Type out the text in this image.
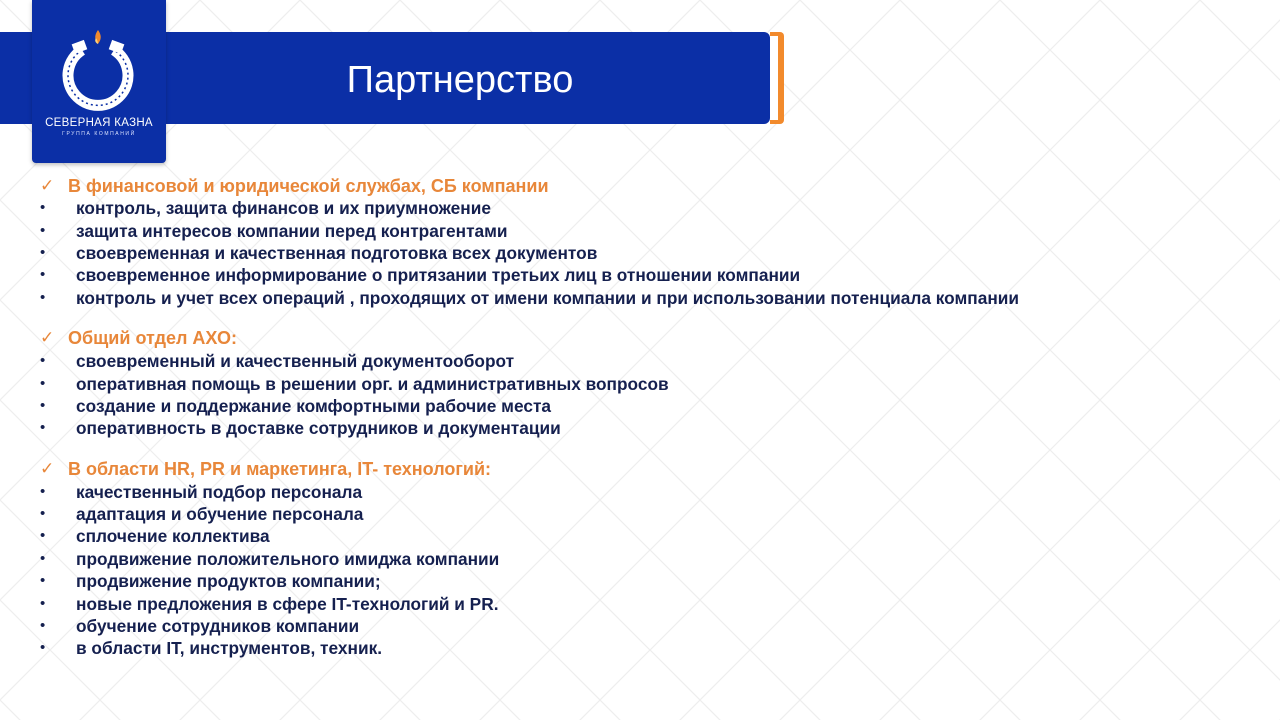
Партнерство
СЕВЕРНАЯ КАЗНА
ГРУППА КОМПАНИЙ
✓ В финансовой и юридической службах, СБ компании
•	контроль, защита финансов и их приумножение
•	защита интересов компании перед контрагентами
•	своевременная и качественная подготовка всех документов
•	своевременное информирование о притязании третьих лиц в отношении компании
•	контроль и учет всех операций , проходящих от имени компании и при использовании потенциала компании
✓ Общий отдел АХО:
•	своевременный и качественный документооборот
•	оперативная помощь в решении орг. и административных вопросов
•	создание и поддержание комфортными рабочие места
•	оперативность в доставке сотрудников и документации
✓ В области HR, PR и маркетинга, IT- технологий:
•	качественный подбор персонала
•	адаптация и обучение персонала
•	сплочение коллектива
•	продвижение положительного имиджа компании
•	продвижение продуктов компании;
•	новые предложения в сфере IT-технологий и PR.
•	обучение сотрудников компании
•	в области IT, инструментов, техник.
